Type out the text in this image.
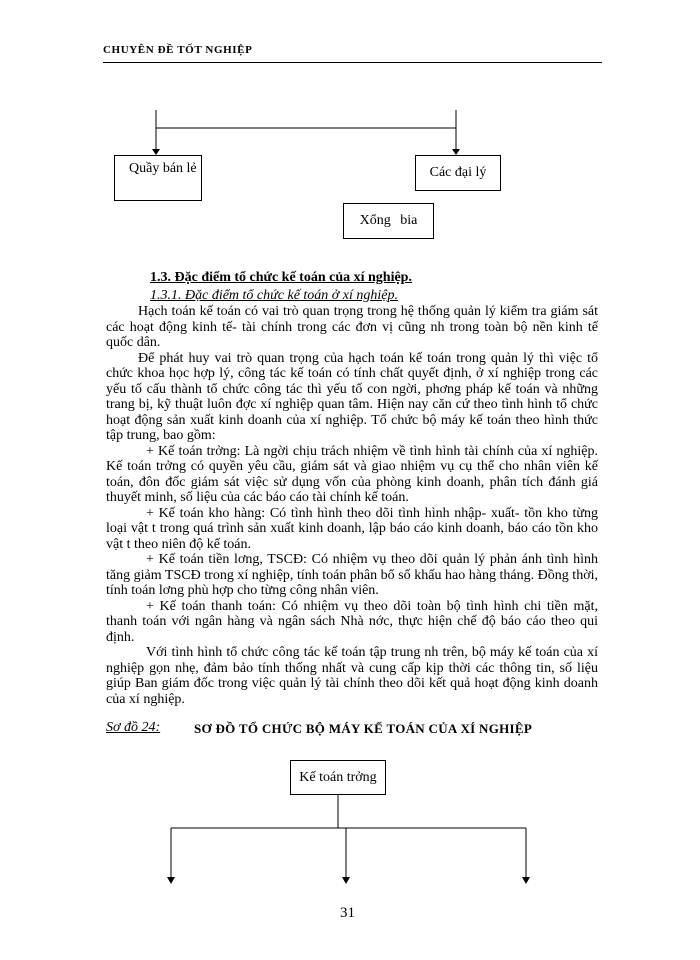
CHUYÊN ĐỀ TỐT NGHIỆP
Quầy bán lẻ	Các đại lý
Xổng bia
1.3. Đặc điểm tổ chức kế toán của xí nghiệp.
1.3.1. Đặc điểm tổ chức kế toán ở xí nghiệp.

Hạch toán kế toán có vai trò quan trọng trong hệ thống quản lý kiểm tra giám sát các hoạt động kinh tế- tài chính trong các đơn vị cũng nh trong toàn bộ nền kinh tế quốc dân.

Để phát huy vai trò quan trọng của hạch toán kế toán trong quản lý thì việc tổ chức khoa học hợp lý, công tác kế toán có tính chất quyết định, ở xí nghiệp trong các yếu tố cấu thành tổ chức công tác thì yếu tố con ngời, phơng pháp kế toán và những trang bị, kỹ thuật luôn đợc xí nghiệp quan tâm. Hiện nay căn cứ theo tình hình tổ chức hoạt động sản xuất kinh doanh của xí nghiệp. Tổ chức bộ máy kế toán theo hình thức tập trung, bao gồm:

+ Kế toán trởng: Là ngời chịu trách nhiệm về tình hình tài chính của xí nghiệp. Kế toán trởng có quyền yêu cầu, giám sát và giao nhiệm vụ cụ thể cho nhân viên kế toán, đôn đốc giám sát việc sử dụng vốn của phòng kinh doanh, phân tích đánh giá thuyết minh, số liệu của các báo cáo tài chính kế toán.

+ Kế toán kho hàng: Có tình hình theo dõi tình hình nhập- xuất- tồn kho từng loại vật t trong quá trình sản xuất kinh doanh, lập báo cáo kinh doanh, báo cáo tồn kho vật t theo niên độ kế toán.

+ Kế toán tiền lơng, TSCĐ: Có nhiệm vụ theo dõi quản lý phản ánh tình hình tăng giảm TSCĐ trong xí nghiệp, tính toán phân bổ số khấu hao hàng tháng. Đồng thời, tính toán lơng phù hợp cho từng công nhân viên.

+ Kế toán thanh toán: Có nhiệm vụ theo dõi toàn bộ tình hình chi tiền mặt, thanh toán với ngân hàng và ngân sách Nhà nớc, thực hiện chế độ báo cáo theo qui định.

Với tình hình tổ chức công tác kế toán tập trung nh trên, bộ máy kế toán của xí nghiệp gọn nhẹ, đảm bảo tính thống nhất và cung cấp kịp thời các thông tin, số liệu giúp Ban giám đốc trong việc quản lý tài chính theo dõi kết quả hoạt động kinh doanh của xí nghiệp.

Sơ đồ 24:	SƠ ĐỒ TỔ CHỨC BỘ MÁY KẾ TOÁN CỦA XÍ NGHIỆP
Kế toán trởng
31
